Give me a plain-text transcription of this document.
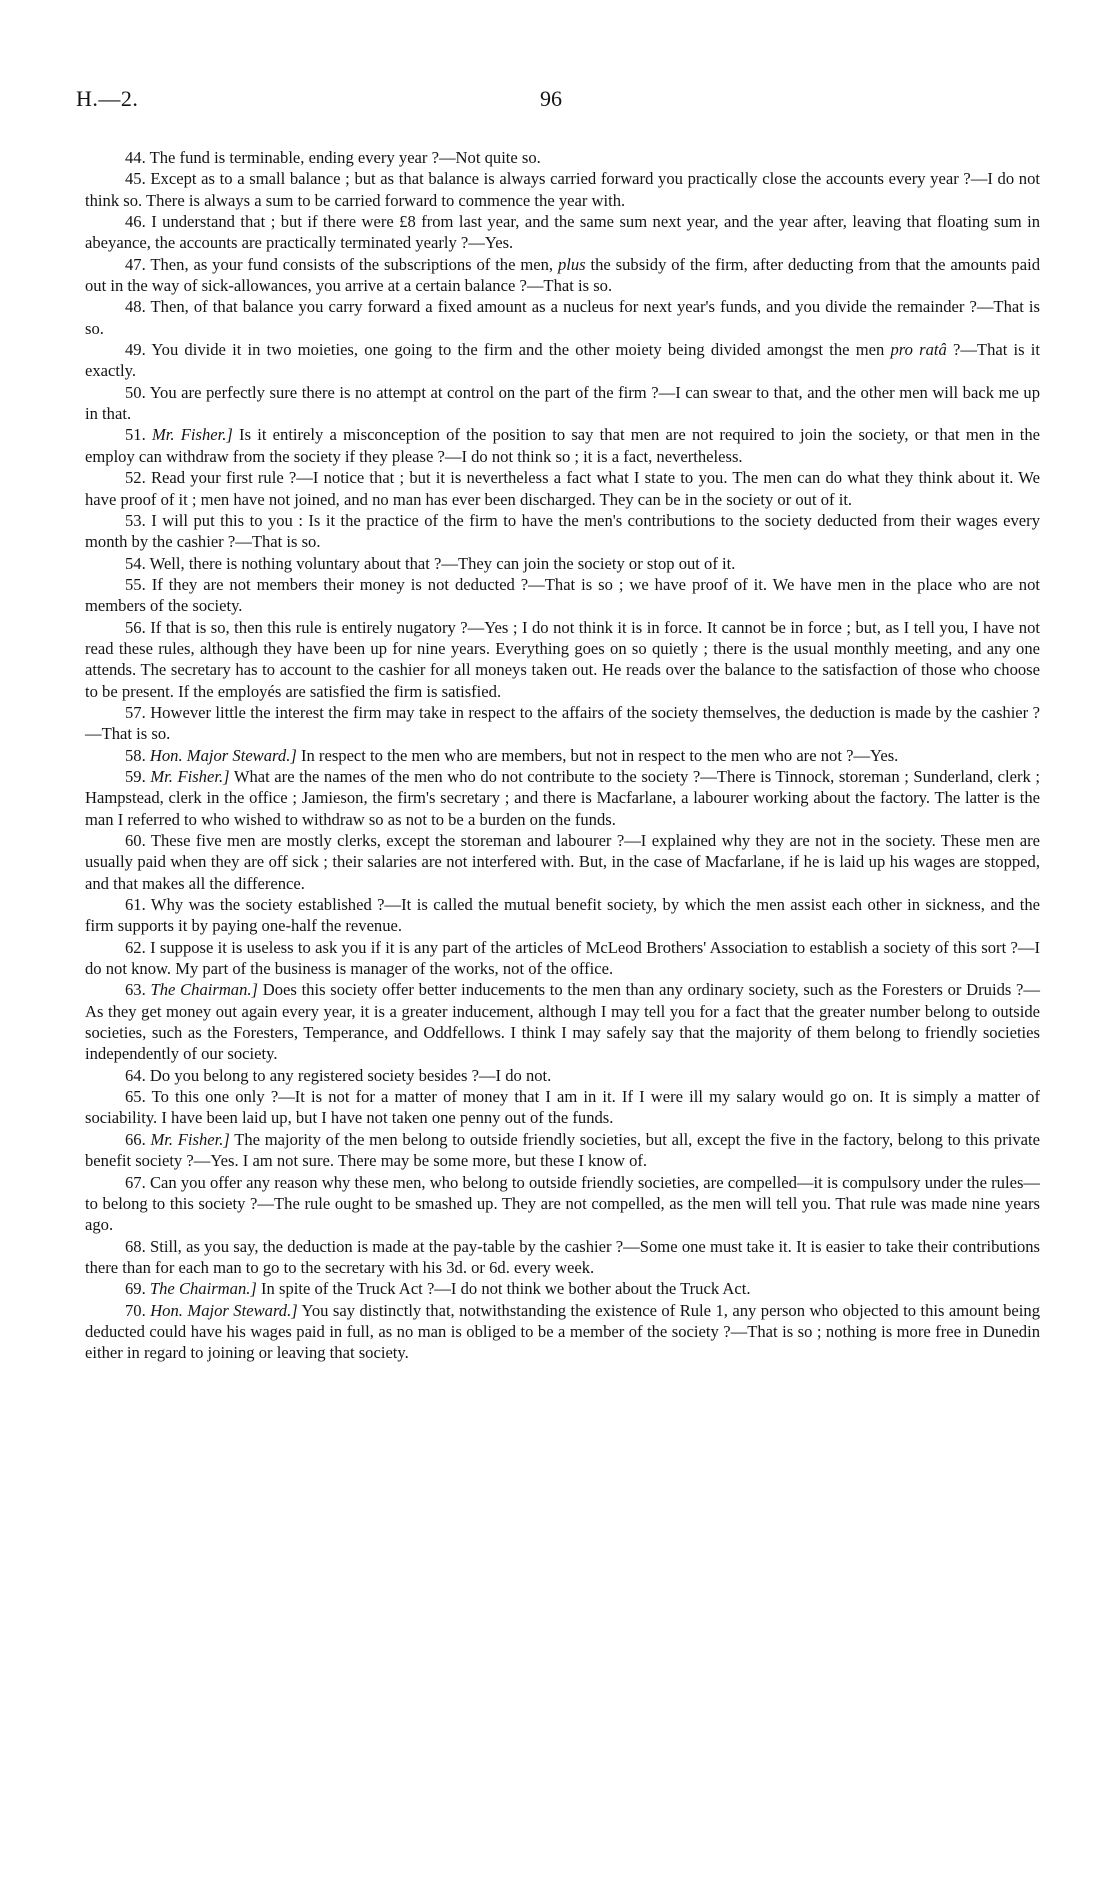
H.—2.	96

44. The fund is terminable, ending every year ?—Not quite so.

45. Except as to a small balance ; but as that balance is always carried forward you practically close the accounts every year ?—I do not think so. There is always a sum to be carried forward to commence the year with.

46. I understand that ; but if there were £8 from last year, and the same sum next year, and the year after, leaving that floating sum in abeyance, the accounts are practically terminated yearly ?—Yes.

47. Then, as your fund consists of the subscriptions of the men, plus the subsidy of the firm, after deducting from that the amounts paid out in the way of sick-allowances, you arrive at a certain balance ?—That is so.

48. Then, of that balance you carry forward a fixed amount as a nucleus for next year's funds, and you divide the remainder ?—That is so.

49. You divide it in two moieties, one going to the firm and the other moiety being divided amongst the men pro ratâ ?—That is it exactly.

50. You are perfectly sure there is no attempt at control on the part of the firm ?—I can swear to that, and the other men will back me up in that.

51. Mr. Fisher.] Is it entirely a misconception of the position to say that men are not required to join the society, or that men in the employ can withdraw from the society if they please ?—I do not think so ; it is a fact, nevertheless.

52. Read your first rule ?—I notice that ; but it is nevertheless a fact what I state to you. The men can do what they think about it. We have proof of it ; men have not joined, and no man has ever been discharged. They can be in the society or out of it.

53. I will put this to you : Is it the practice of the firm to have the men's contributions to the society deducted from their wages every month by the cashier ?—That is so.

54. Well, there is nothing voluntary about that ?—They can join the society or stop out of it.

55. If they are not members their money is not deducted ?—That is so ; we have proof of it. We have men in the place who are not members of the society.

56. If that is so, then this rule is entirely nugatory ?—Yes ; I do not think it is in force. It cannot be in force ; but, as I tell you, I have not read these rules, although they have been up for nine years. Everything goes on so quietly ; there is the usual monthly meeting, and any one attends. The secretary has to account to the cashier for all moneys taken out. He reads over the balance to the satisfaction of those who choose to be present. If the employés are satisfied the firm is satisfied.

57. However little the interest the firm may take in respect to the affairs of the society themselves, the deduction is made by the cashier ?—That is so.

58. Hon. Major Steward.] In respect to the men who are members, but not in respect to the men who are not ?—Yes.

59. Mr. Fisher.] What are the names of the men who do not contribute to the society ?—There is Tinnock, storeman ; Sunderland, clerk ; Hampstead, clerk in the office ; Jamieson, the firm's secretary ; and there is Macfarlane, a labourer working about the factory. The latter is the man I referred to who wished to withdraw so as not to be a burden on the funds.

60. These five men are mostly clerks, except the storeman and labourer ?—I explained why they are not in the society. These men are usually paid when they are off sick ; their salaries are not interfered with. But, in the case of Macfarlane, if he is laid up his wages are stopped, and that makes all the difference.

61. Why was the society established ?—It is called the mutual benefit society, by which the men assist each other in sickness, and the firm supports it by paying one-half the revenue.

62. I suppose it is useless to ask you if it is any part of the articles of McLeod Brothers' Association to establish a society of this sort ?—I do not know. My part of the business is manager of the works, not of the office.

63. The Chairman.] Does this society offer better inducements to the men than any ordinary society, such as the Foresters or Druids ?—As they get money out again every year, it is a greater inducement, although I may tell you for a fact that the greater number belong to outside societies, such as the Foresters, Temperance, and Oddfellows. I think I may safely say that the majority of them belong to friendly societies independently of our society.

64. Do you belong to any registered society besides ?—I do not.

65. To this one only ?—It is not for a matter of money that I am in it. If I were ill my salary would go on. It is simply a matter of sociability. I have been laid up, but I have not taken one penny out of the funds.

66. Mr. Fisher.] The majority of the men belong to outside friendly societies, but all, except the five in the factory, belong to this private benefit society ?—Yes. I am not sure. There may be some more, but these I know of.

67. Can you offer any reason why these men, who belong to outside friendly societies, are compelled—it is compulsory under the rules—to belong to this society ?—The rule ought to be smashed up. They are not compelled, as the men will tell you. That rule was made nine years ago.

68. Still, as you say, the deduction is made at the pay-table by the cashier ?—Some one must take it. It is easier to take their contributions there than for each man to go to the secretary with his 3d. or 6d. every week.

69. The Chairman.] In spite of the Truck Act ?—I do not think we bother about the Truck Act.

70. Hon. Major Steward.] You say distinctly that, notwithstanding the existence of Rule 1, any person who objected to this amount being deducted could have his wages paid in full, as no man is obliged to be a member of the society ?—That is so ; nothing is more free in Dunedin either in regard to joining or leaving that society.
